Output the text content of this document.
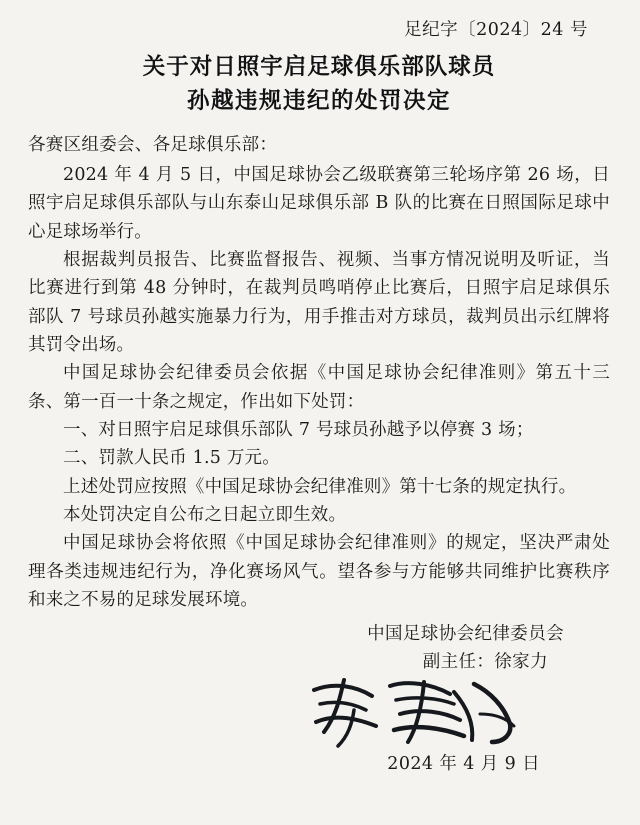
足纪字〔2024〕24 号
关于对日照宇启足球俱乐部队球员
孙越违规违纪的处罚决定

各赛区组委会、各足球俱乐部：

2024 年 4 月 5 日，中国足球协会乙级联赛第三轮场序第 26 场，日照宇启足球俱乐部队与山东泰山足球俱乐部 B 队的比赛在日照国际足球中心足球场举行。

根据裁判员报告、比赛监督报告、视频、当事方情况说明及听证，当比赛进行到第 48 分钟时，在裁判员鸣哨停止比赛后，日照宇启足球俱乐部队 7 号球员孙越实施暴力行为，用手推击对方球员，裁判员出示红牌将其罚令出场。

中国足球协会纪律委员会依据《中国足球协会纪律准则》第五十三条、第一百一十条之规定，作出如下处罚：

一、对日照宇启足球俱乐部队 7 号球员孙越予以停赛 3 场；

二、罚款人民币 1.5 万元。

上述处罚应按照《中国足球协会纪律准则》第十七条的规定执行。

本处罚决定自公布之日起立即生效。

中国足球协会将依照《中国足球协会纪律准则》的规定，坚决严肃处理各类违规违纪行为，净化赛场风气。望各参与方能够共同维护比赛秩序和来之不易的足球发展环境。

中国足球协会纪律委员会
副主任：徐家力
2024 年 4 月 9 日
